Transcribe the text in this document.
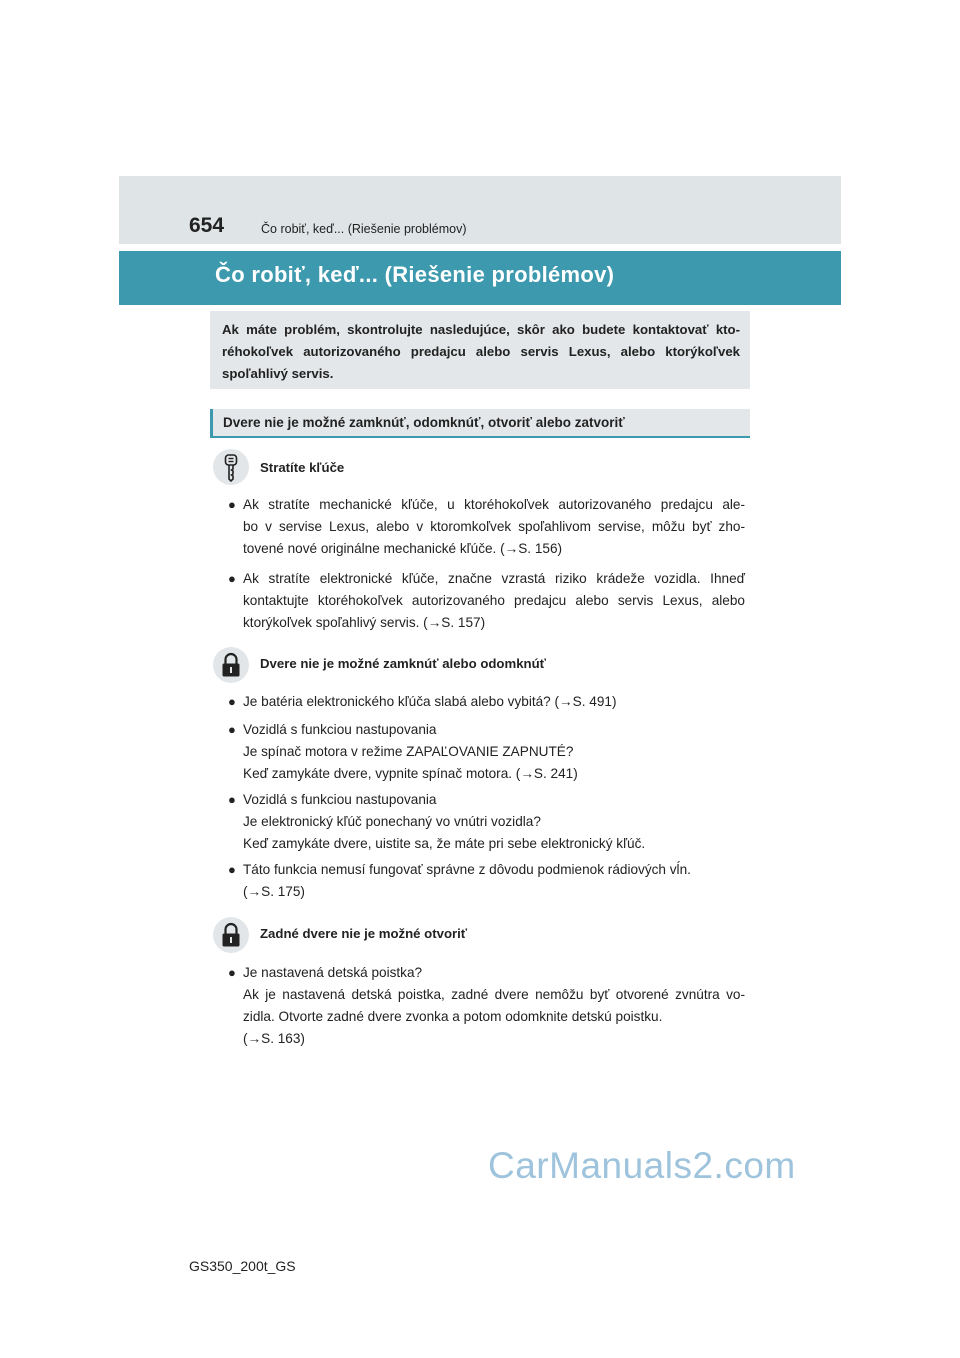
654	Čo robiť, keď... (Riešenie problémov)
Čo robiť, keď... (Riešenie problémov)
Ak máte problém, skontrolujte nasledujúce, skôr ako budete kontaktovať kto-réhokoľvek autorizovaného predajcu alebo servis Lexus, alebo ktorýkoľvek spoľahlivý servis.
Dvere nie je možné zamknúť, odomknúť, otvoriť alebo zatvoriť
Stratíte kľúče
● Ak stratíte mechanické kľúče, u ktoréhokoľvek autorizovaného predajcu ale-
bo v servise Lexus, alebo v ktoromkoľvek spoľahlivom servise, môžu byť zho-
tovené nové originálne mechanické kľúče. (→S. 156)
● Ak stratíte elektronické kľúče, značne vzrastá riziko krádeže vozidla. Ihneď
kontaktujte ktoréhokoľvek autorizovaného predajcu alebo servis Lexus, alebo
ktorýkoľvek spoľahlivý servis. (→S. 157)
Dvere nie je možné zamknúť alebo odomknúť
● Je batéria elektronického kľúča slabá alebo vybitá? (→S. 491)
● Vozidlá s funkciou nastupovania
Je spínač motora v režime ZAPAĽOVANIE ZAPNUTÉ?
Keď zamykáte dvere, vypnite spínač motora. (→S. 241)
● Vozidlá s funkciou nastupovania
Je elektronický kľúč ponechaný vo vnútri vozidla?
Keď zamykáte dvere, uistite sa, že máte pri sebe elektronický kľúč.
● Táto funkcia nemusí fungovať správne z dôvodu podmienok rádiových vĺn.
(→S. 175)
Zadné dvere nie je možné otvoriť
● Je nastavená detská poistka?
Ak je nastavená detská poistka, zadné dvere nemôžu byť otvorené zvnútra vo-
zidla. Otvorte zadné dvere zvonka a potom odomknite detskú poistku.
(→S. 163)
CarManuals2.com
GS350_200t_GS
